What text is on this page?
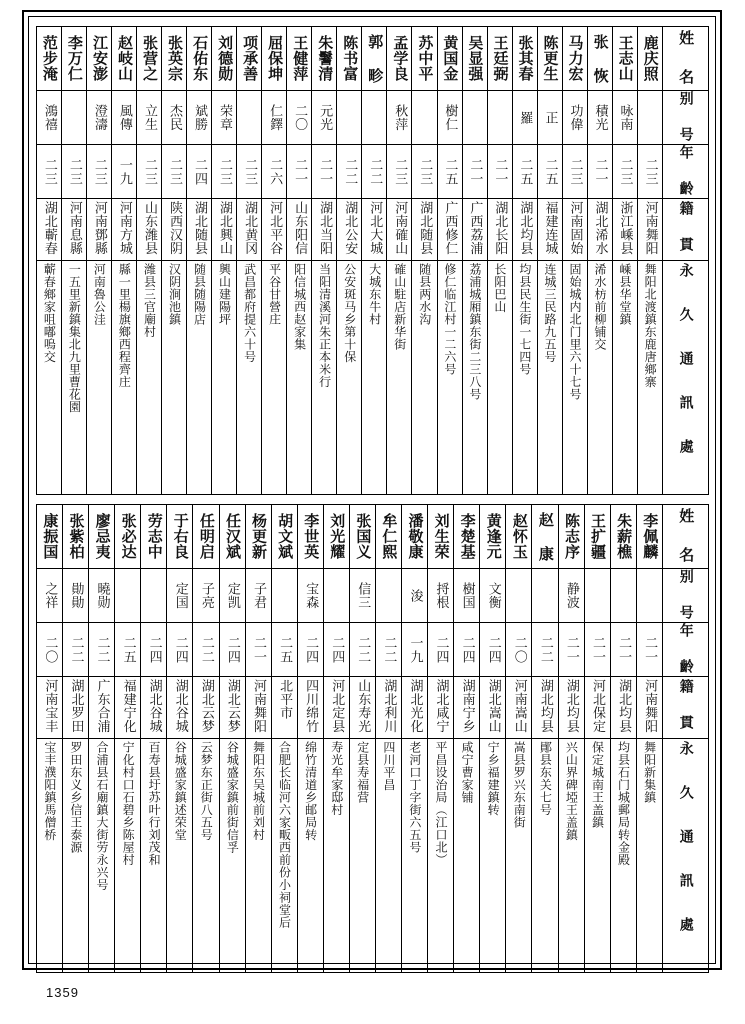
范步淹	李万仁	江安澎	赵岐山	张营之	张英宗	石佑东	刘德勋	项承善	屈保坤	王健萍	朱鬐清	陈书富	郭 畛	孟学良	苏中平	黄国金	吴显强	王廷弼	张其春	陈更生	马力宏	张 恢	王志山	鹿庆照	姓 名

鴻禧		澄濤	風傳	立生	杰民	斌勝	荣章		仁鐸	二〇	元光			秋萍		樹仁			羅	正	功偉	積光	咏南		别 号

二三	二三	二三	一九	二三	二三	二四	二三	二三	二六	二一	二一	二二	二二	二三	二三	二五	二一	二一	二五	二五	二三	二一	二三	二三	年 齡

湖北蘄春	河南息縣	河南鄧縣	河南方城	山东潍县	陕西汉阴	湖北随县	湖北興山	湖北黄冈	河北平谷	山东阳信	湖北当阳	湖北公安	河北大城	河南確山	湖北随县	广西修仁	广西荔浦	湖北长阳	湖北均县	福建连城	河南固始	湖北浠水	浙江嵊县	河南舞阳	籍 貫

蘄春鄉家咀嘟嗚交	一五里新鎮集北九里曹花園	河南魯公洼	縣一里楊旗鄉西程齊庄	潍县三官廟村	汉阴涧池鎮	随县随陽店	興山建陽坪	武昌都府提六十号	平谷甘營庄	阳信城西赵家集	当阳清溪河朱正本米行	公安斑马乡第十保	大城东牛村	確山駐店新华街	随县两水沟	修仁临江村一二六号	荔浦城厢鎮东街二三八号	长阳巴山	均县民生街一七四号	连城三民路九五号	固始城内北门里六十七号	浠水枋前柳铺交	嵊县华堂鎮	舞阳北渡鎮东鹿唐鄉寨	永 久 通 訊 處
康振国	张紫柏	廖忌夷	张必达	劳志中	于右良	任明启	任汉斌	杨更新	胡文斌	李世英	刘光耀	张国义	牟仁熙	潘敬康	刘生荣	李楚基	黄逢元	赵怀玉	赵 康	陈志序	王扩疆	朱薪樵	李佩麟	姓 名

之祥	勛勛	曉勋			定国	子亮	定凯	子君		宝森		信三		浚	捋根	樹国	文衡			静波				别 号

二〇	二二	二二	二五	二四	二四	二二	二四	二一	二五	二四	二四	二二	二二	一九	二四	二四	二四	二〇	二二	二一	二一	二一	二一	年 齡

河南宝丰	湖北罗田	广东合浦	福建宁化	湖北谷城	湖北谷城	湖北云梦	湖北云梦	河南舞阳	北平市	四川绵竹	河北定县	山东寿光	湖北利川	湖北光化	湖北咸宁	湖南宁乡	湖北嵩山	河南嵩山	湖北均县	湖北均县	河北保定	湖北均县	河南舞阳	籍 貫

宝丰濮阳鎮馬僧桥	罗田东义乡信王泰源	合浦县石廟鎮大街劳永兴号	宁化村口石碧乡陈屋村	百寿县圩苏叶行刘茂和	谷城盛家鎮述荣堂	云梦东正街八五号	谷城盛家鎮前街信孚	舞阳东吴城前刘村	合肥长临河六家畈西前份小祠堂后	绵竹清道乡邮局转	寿光牟家邸村	定县寿福营	四川平昌	老河口丁字街六五号	平昌设治局（江口北）	咸宁曹家铺	宁乡福建鎮转	嵩县罗兴东南街	鄖县东关七号	兴山界碑埡王盖鎮	保定城南王盖鎮	均县石门城郵局转金殿	舞阳新集鎮	永 久 通 訊 處
1359
